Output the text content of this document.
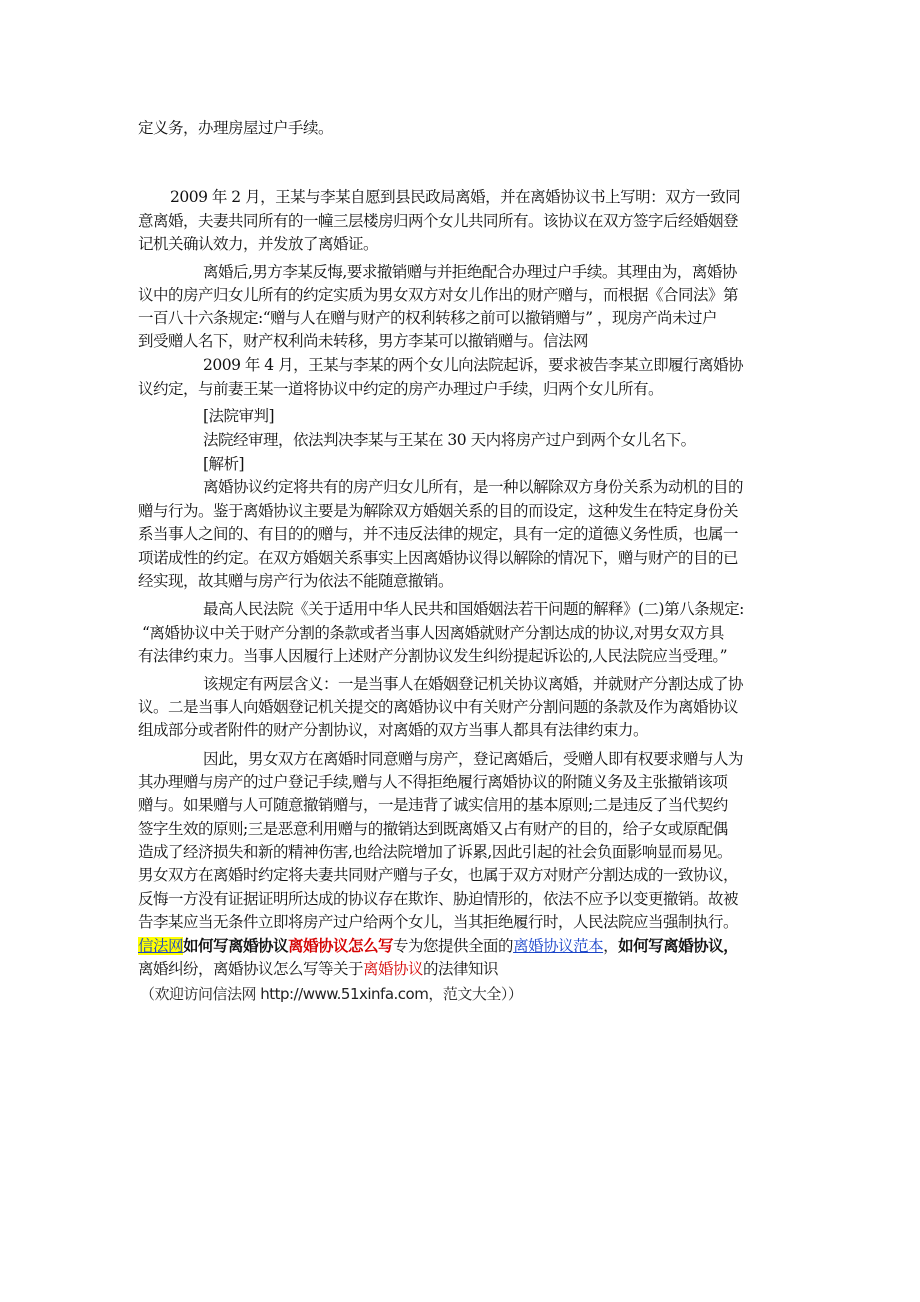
定义务，办理房屋过户手续。
2009 年 2 月，王某与李某自愿到县民政局离婚，并在离婚协议书上写明：双方一致同
意离婚，夫妻共同所有的一幢三层楼房归两个女儿共同所有。该协议在双方签字后经婚姻登
记机关确认效力，并发放了离婚证。
离婚后,男方李某反悔,要求撤销赠与并拒绝配合办理过户手续。其理由为，离婚协
议中的房产归女儿所有的约定实质为男女双方对女儿作出的财产赠与，而根据《合同法》第
一百八十六条规定:“赠与人在赠与财产的权利转移之前可以撤销赠与” ，现房产尚未过户
到受赠人名下，财产权利尚未转移，男方李某可以撤销赠与。信法网
2009 年 4 月，王某与李某的两个女儿向法院起诉，要求被告李某立即履行离婚协
议约定，与前妻王某一道将协议中约定的房产办理过户手续，归两个女儿所有。
[法院审判]
法院经审理，依法判决李某与王某在 30 天内将房产过户到两个女儿名下。
[解析]
离婚协议约定将共有的房产归女儿所有，是一种以解除双方身份关系为动机的目的
赠与行为。鉴于离婚协议主要是为解除双方婚姻关系的目的而设定，这种发生在特定身份关
系当事人之间的、有目的的赠与，并不违反法律的规定，具有一定的道德义务性质，也属一
项诺成性的约定。在双方婚姻关系事实上因离婚协议得以解除的情况下，赠与财产的目的已
经实现，故其赠与房产行为依法不能随意撤销。
最高人民法院《关于适用中华人民共和国婚姻法若干问题的解释》(二)第八条规定:
“离婚协议中关于财产分割的条款或者当事人因离婚就财产分割达成的协议,对男女双方具
有法律约束力。当事人因履行上述财产分割协议发生纠纷提起诉讼的,人民法院应当受理。”
该规定有两层含义：一是当事人在婚姻登记机关协议离婚，并就财产分割达成了协
议。二是当事人向婚姻登记机关提交的离婚协议中有关财产分割问题的条款及作为离婚协议
组成部分或者附件的财产分割协议，对离婚的双方当事人都具有法律约束力。
因此，男女双方在离婚时同意赠与房产，登记离婚后，受赠人即有权要求赠与人为
其办理赠与房产的过户登记手续,赠与人不得拒绝履行离婚协议的附随义务及主张撤销该项
赠与。如果赠与人可随意撤销赠与，一是违背了诚实信用的基本原则;二是违反了当代契约
签字生效的原则;三是恶意利用赠与的撤销达到既离婚又占有财产的目的，给子女或原配偶
造成了经济损失和新的精神伤害,也给法院增加了诉累,因此引起的社会负面影响显而易见。
男女双方在离婚时约定将夫妻共同财产赠与子女，也属于双方对财产分割达成的一致协议，
反悔一方没有证据证明所达成的协议存在欺诈、胁迫情形的，依法不应予以变更撤销。故被
告李某应当无条件立即将房产过户给两个女儿，当其拒绝履行时，人民法院应当强制执行。
信法网如何写离婚协议离婚协议怎么写专为您提供全面的离婚协议范本，如何写离婚协议，
离婚纠纷，离婚协议怎么写等关于离婚协议的法律知识
（欢迎访问信法网 http://www.51xinfa.com，范文大全））
